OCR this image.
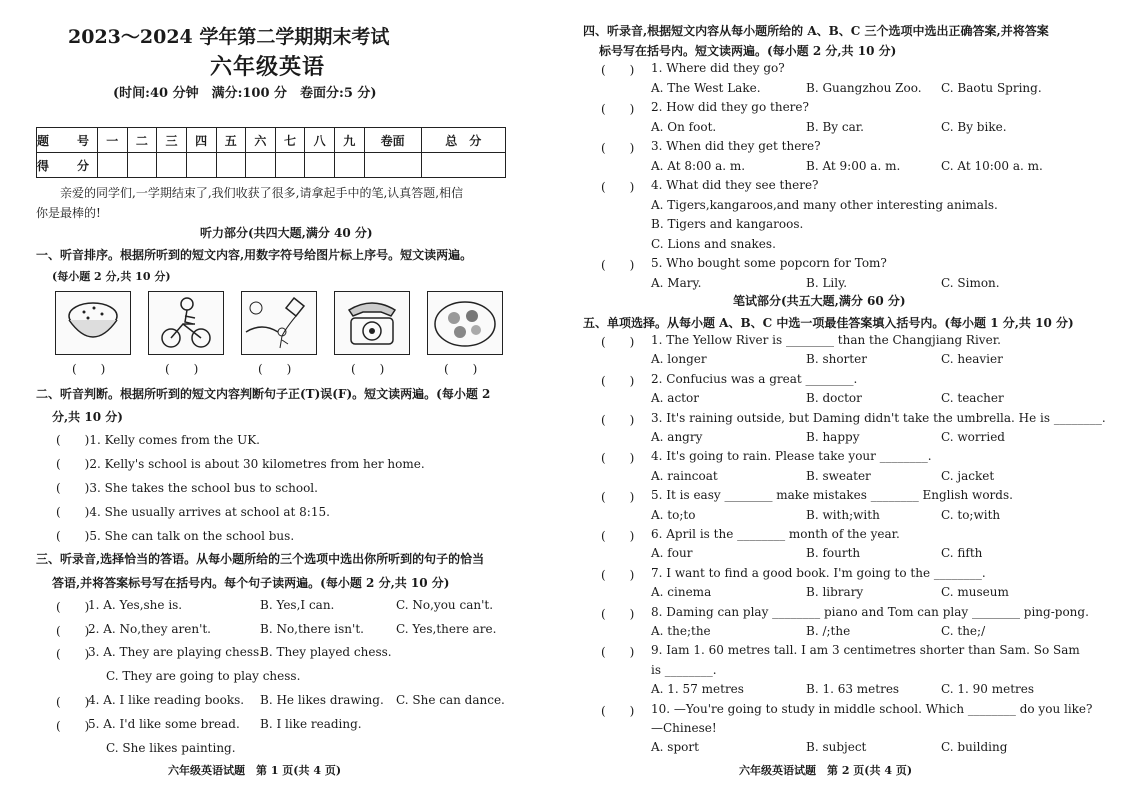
2023～2024 学年第二学期期末考试
六年级英语
(时间:40 分钟　满分:100 分　卷面分:5 分)
题　号	一	二	三	四	五	六	七	八	九	卷面	总　分
得　分											
亲爱的同学们,一学期结束了,我们收获了很多,请拿起手中的笔,认真答题,相信
你是最棒的!
听力部分(共四大题,满分 40 分)
一、听音排序。根据所听到的短文内容,用数字符号给图片标上序号。短文读两遍。
(每小题 2 分,共 10 分)
(　　)	(　　)	(　　)	(　　)	(　　)
二、听音判断。根据所听到的短文内容判断句子正(T)误(F)。短文读两遍。(每小题 2
分,共 10 分)
(　　)1. Kelly comes from the UK.
(　　)2. Kelly's school is about 30 kilometres from her home.
(　　)3. She takes the school bus to school.
(　　)4. She usually arrives at school at 8:15.
(　　)5. She can talk on the school bus.
三、听录音,选择恰当的答语。从每小题所给的三个选项中选出你所听到的句子的恰当
答语,并将答案标号写在括号内。每个句子读两遍。(每小题 2 分,共 10 分)
(　　)
1. A. Yes,she is.	B. Yes,I can.	C. No,you can't.
(　　)
2. A. No,they aren't.	B. No,there isn't.	C. Yes,there are.
(　　)
3. A. They are playing chess.
B. They played chess.
C. They are going to play chess.
(　　)
4. A. I like reading books. B. He likes drawing. C. She can dance.
(　　)
5. A. I'd like some bread. B. I like reading.
C. She likes painting.
六年级英语试题　第 1 页(共 4 页)
四、听录音,根据短文内容从每小题所给的 A、B、C 三个选项中选出正确答案,并将答案
标号写在括号内。短文读两遍。(每小题 2 分,共 10 分)
(　　) 1. Where did they go?
A. The West Lake.	B. Guangzhou Zoo. C. Baotu Spring.
(　　) 2. How did they go there?
A. On foot.	B. By car.	C. By bike.
(　　) 3. When did they get there?
A. At 8:00 a. m.	B. At 9:00 a. m.	C. At 10:00 a. m.
(　　) 4. What did they see there?
A. Tigers,kangaroos,and many other interesting animals.
B. Tigers and kangaroos.
C. Lions and snakes.
(　　) 5. Who bought some popcorn for Tom?
A. Mary.	B. Lily.	C. Simon.
笔试部分(共五大题,满分 60 分)
五、单项选择。从每小题 A、B、C 中选一项最佳答案填入括号内。(每小题 1 分,共 10 分)
(　　) 1. The Yellow River is ________ than the Changjiang River.
A. longer	B. shorter	C. heavier
(　　) 2. Confucius was a great ________.
A. actor	B. doctor	C. teacher
(　　) 3. It's raining outside, but Daming didn't take the umbrella. He is ________.
A. angry	B. happy	C. worried
(　　) 4. It's going to rain. Please take your ________.
A. raincoat	B. sweater	C. jacket
(　　) 5. It is easy ________ make mistakes ________ English words.
A. to;to	B. with;with	C. to;with
(　　) 6. April is the ________ month of the year.
A. four	B. fourth	C. fifth
(　　) 7. I want to find a good book. I'm going to the ________.
A. cinema	B. library	C. museum
(　　) 8. Daming can play ________ piano and Tom can play ________ ping-pong.
A. the;the	B. /;the	C. the;/
(　　) 9. Iam 1. 60 metres tall. I am 3 centimetres shorter than Sam. So Sam
is ________.
A. 1. 57 metres	B. 1. 63 metres	C. 1. 90 metres
(　　) 10. —You're going to study in middle school. Which ________ do you like?
—Chinese!
A. sport	B. subject	C. building
六年级英语试题　第 2 页(共 4 页)
